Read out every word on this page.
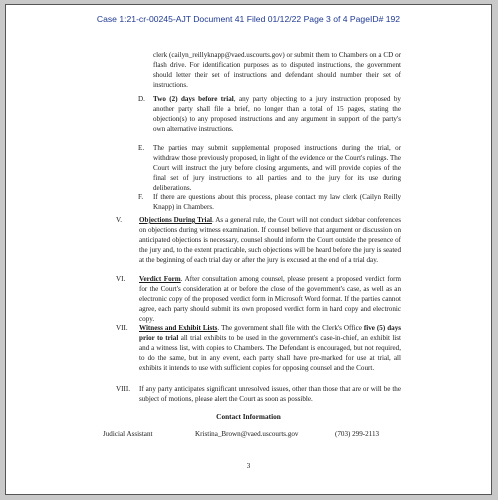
Case 1:21-cr-00245-AJT Document 41 Filed 01/12/22 Page 3 of 4 PageID# 192
clerk (cailyn_reillyknapp@vaed.uscourts.gov) or submit them to Chambers on a CD or flash drive. For identification purposes as to disputed instructions, the government should letter their set of instructions and defendant should number their set of instructions.
D. Two (2) days before trial, any party objecting to a jury instruction proposed by another party shall file a brief, no longer than a total of 15 pages, stating the objection(s) to any proposed instructions and any argument in support of the party's own alternative instructions.
E. The parties may submit supplemental proposed instructions during the trial, or withdraw those previously proposed, in light of the evidence or the Court's rulings. The Court will instruct the jury before closing arguments, and will provide copies of the final set of jury instructions to all parties and to the jury for its use during deliberations.
F. If there are questions about this process, please contact my law clerk (Cailyn Reilly Knapp) in Chambers.
V. Objections During Trial. As a general rule, the Court will not conduct sidebar conferences on objections during witness examination. If counsel believe that argument or discussion on anticipated objections is necessary, counsel should inform the Court outside the presence of the jury and, to the extent practicable, such objections will be heard before the jury is seated at the beginning of each trial day or after the jury is excused at the end of a trial day.
VI. Verdict Form. After consultation among counsel, please present a proposed verdict form for the Court's consideration at or before the close of the government's case, as well as an electronic copy of the proposed verdict form in Microsoft Word format. If the parties cannot agree, each party should submit its own proposed verdict form in hard copy and electronic copy.
VII. Witness and Exhibit Lists. The government shall file with the Clerk's Office five (5) days prior to trial all trial exhibits to be used in the government's case-in-chief, an exhibit list and a witness list, with copies to Chambers. The Defendant is encouraged, but not required, to do the same, but in any event, each party shall have pre-marked for use at trial, all exhibits it intends to use with sufficient copies for opposing counsel and the Court.
VIII. If any party anticipates significant unresolved issues, other than those that are or will be the subject of motions, please alert the Court as soon as possible.
Contact Information
Judicial Assistant	Kristina_Brown@vaed.uscourts.gov	(703) 299-2113
3
